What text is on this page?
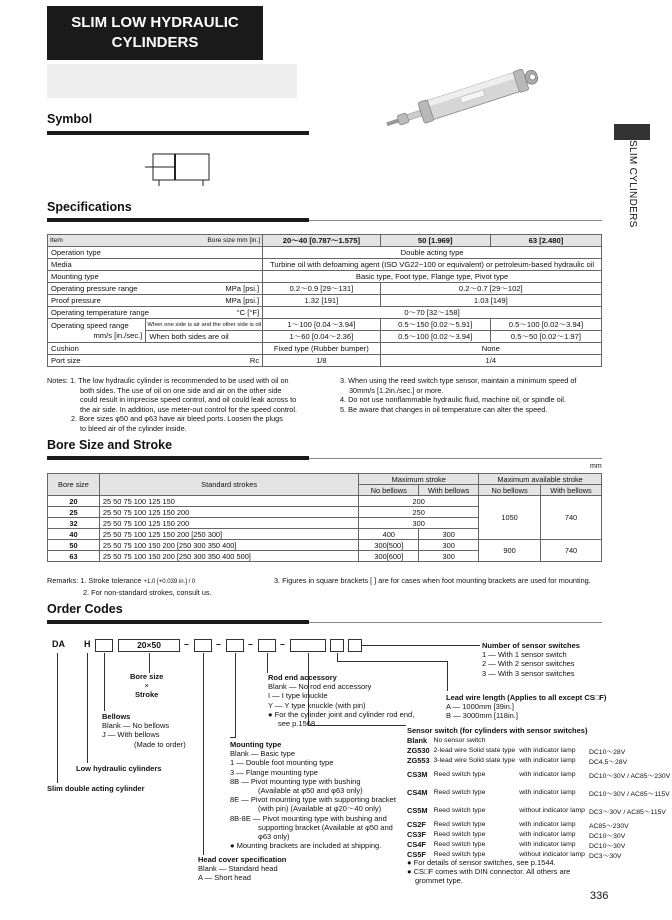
SLIM LOW HYDRAULIC
CYLINDERS
SLIM CYLINDERS
Symbol
Specifications
Item Bore size mm [in.]		20～40 [0.787～1.575]	50 [1.969]	63 [2.480]
Operation type		Double acting type		
Media		Turbine oil with defoaming agent (ISO VG22~100 or equivalent) or petroleum-based hydraulic oil		
Mounting type		Basic type, Foot type, Flange type, Pivot type		
Operating pressure range MPa [psi.]		0.2～0.9 [29～131]	0.2～0.7 [29～102]	
Proof pressure MPa [psi.]		1.32 [191]	1.03 [149]	
Operating temperature range °C [°F]		0～70 [32～158]		

Operating speed range
mm/s [in./sec.]	When one side is air and the other side is oil	1～100 [0.04～3.94]	0.5～150 [0.02～5.91]	0.5～100 [0.02～3.94]
	When both sides are oil	1～60 [0.04～2.36]	0.5～100 [0.02～3.94]	0.5～50 [0.02～1.97]
Cushion		Fixed type (Rubber bumper)	None	
Port size Rc		1/8	1/4	
Notes: 1. The low hydraulic cylinder is recommended to be used with oil on
both sides. The use of oil on one side and air on the other side
could result in imprecise speed control, and oil could leak across to
the air side. In addition, use meter-out control for the speed control.
2. Bore sizes φ50 and φ63 have air bleed ports. Loosen the plugs
to bleed air of the cylinder inside.
3. When using the reed switch type sensor, maintain a minimum speed of
30mm/s [1.2in./sec.] or more.
4. Do not use nonflammable hydraulic fluid, machine oil, or spindle oil.
5. Be aware that changes in oil temperature can alter the speed.
Bore Size and Stroke
mm
Bore size	Standard strokes	Maximum stroke		Maximum available stroke	
		No bellows	With bellows	No bellows	With bellows
20	25 50 75 100 125 150	200		1050	740
25	25 50 75 100 125 150 200	250			
32	25 50 75 100 125 150 200	300			
40	25 50 75 100 125 150 200 [250 300]	400	300		
50	25 50 75 100 150 200 [250 300 350 400]	300[500]	300	900	740
63	25 50 75 100 150 200 [250 300 350 400 500]	300[600]	300		
Remarks: 1. Stroke tolerance +1.0 [+0.039 in.] / 0
2. For non-standard strokes, consult us.
3. Figures in square brackets [ ] are for cases when foot mounting brackets are used for mounting.
Order Codes
DA H	20×50	–	–	–	–
Bore size
×
Stroke
Bellows
Blank — No bellows
J — With bellows
(Made to order)
Low hydraulic cylinders
Slim double acting cylinder
Rod end accessory
Blank — No rod end accessory
I — I type knuckle
Y — Y type knuckle (with pin)
● For the cylinder joint and cylinder rod end,
see p.1568.
Mounting type
Blank — Basic type
1 — Double foot mounting type
3 — Flange mounting type
8B — Pivot mounting type with bushing
(Available at φ50 and φ63 only)
8E — Pivot mounting type with supporting bracket
(with pin) (Available at φ20～40 only)
8B-8E — Pivot mounting type with bushing and
supporting bracket (Available at φ50 and
φ63 only)
● Mounting brackets are included at shipping.
Head cover specification
Blank — Standard head
A — Short head
Number of sensor switches
1 — With 1 sensor switch
2 — With 2 sensor switches
3 — With 3 sensor switches
Lead wire length (Applies to all except CS□F)
A — 1000mm [39in.]
B — 3000mm [118in.]
Sensor switch (for cylinders with sensor switches)
Blank	No sensor switch		
ZG530	2-lead wire Solid state type	with indicator lamp	DC10～28V
ZG553	3-lead wire Solid state type	with indicator lamp	DC4.5～28V
CS3M	Reed switch type	with indicator lamp	DC10～30V / AC85～230V
CS4M	Reed switch type	with indicator lamp	DC10～30V / AC85～115V
CS5M	Reed switch type	without indicator lamp	DC3～30V / AC85～115V
CS2F	Reed switch type	with indicator lamp	AC85～230V
CS3F	Reed switch type	with indicator lamp	DC10～30V
CS4F	Reed switch type	with indicator lamp	DC10～30V
CS5F	Reed switch type	without indicator lamp	DC3～30V
● For details of sensor switches, see p.1544.
● CS□F comes with DIN connector. All others are
grommet type.
336
